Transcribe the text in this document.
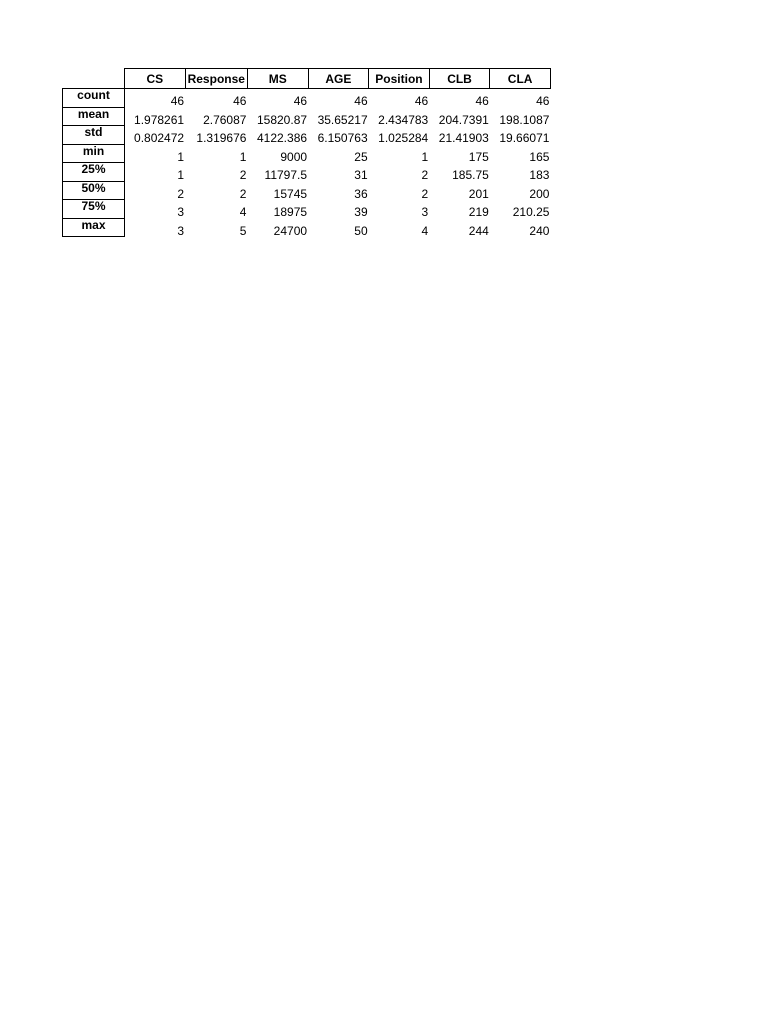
	CS	Response	MS	AGE	Position	CLB	CLA
count	46	46	46	46	46	46	46
mean	1.978261	2.76087	15820.87	35.65217	2.434783	204.7391	198.1087
std	0.802472	1.319676	4122.386	6.150763	1.025284	21.41903	19.66071
min	1	1	9000	25	1	175	165
25%	1	2	11797.5	31	2	185.75	183
50%	2	2	15745	36	2	201	200
75%	3	4	18975	39	3	219	210.25
max	3	5	24700	50	4	244	240
